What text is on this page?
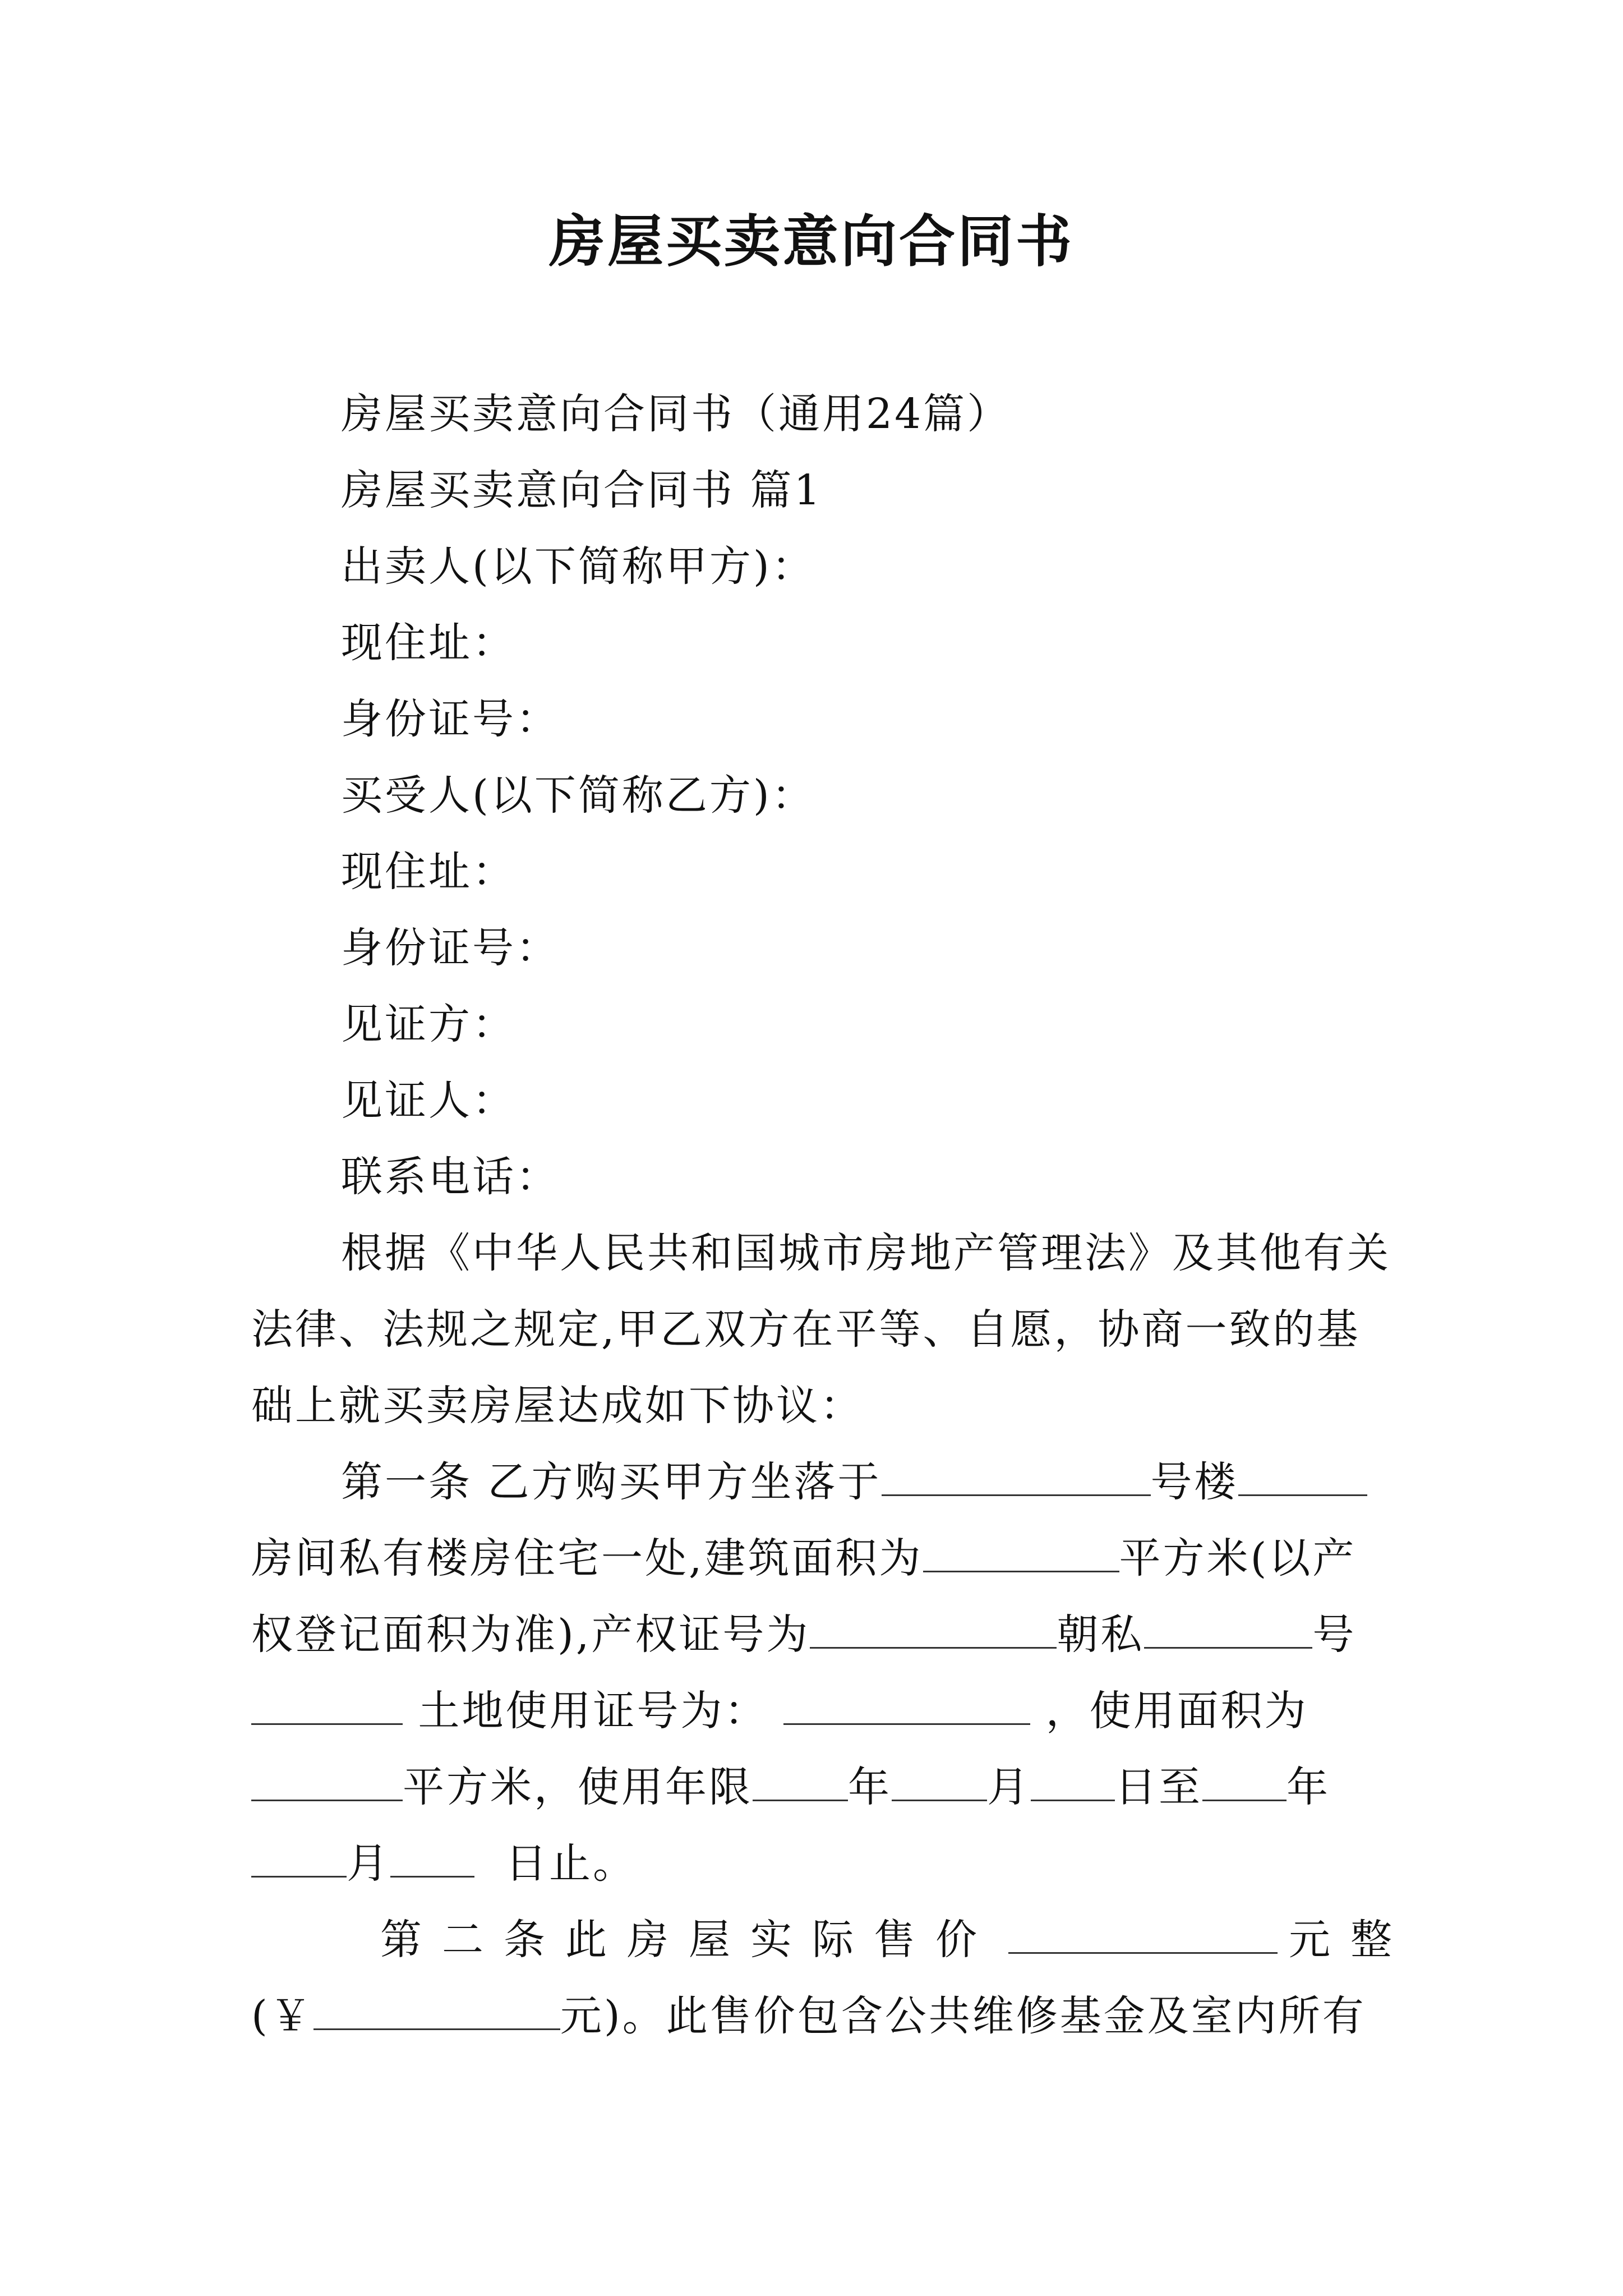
房屋买卖意向合同书
房屋买卖意向合同书（通用24篇）
房屋买卖意向合同书 篇1
出卖人(以下简称甲方)：
现住址：
身份证号：
买受人(以下简称乙方)：
现住址：
身份证号：
见证方：
见证人：
联系电话：
根据《中华人民共和国城市房地产管理法》及其他有关
法律、法规之规定,甲乙双方在平等、自愿，协商一致的基
础上就买卖房屋达成如下协议：
第一条 乙方购买甲方坐落于	号楼
房间私有楼房住宅一处,建筑面积为	平方米(以产
权登记面积为准),产权证号为	朝私	号
土地使用证号为：	，使用面积为
平方米，使用年限 年 月 日至 年
月	日止。
第二条此房屋实际售价	元整
(￥	元)。此售价包含公共维修基金及室内所有
